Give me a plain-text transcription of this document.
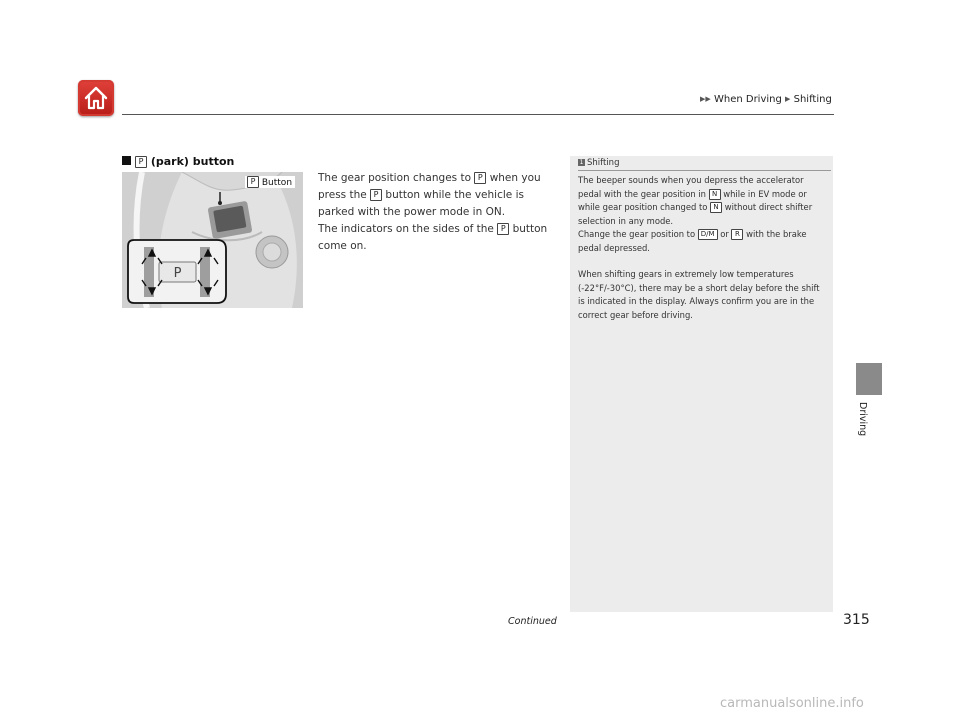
▶▶ When Driving ▶ Shifting
Driving
P (park) button
P
P Button The gear position changes to P when you press the P button while the vehicle is parked with the power mode in ON.

The indicators on the sides of the P button come on.

1 Shifting

The beeper sounds when you depress the accelerator pedal with the gear position in N while in EV mode or while gear position changed to N without direct shifter selection in any mode.
Change the gear position to D/M or R with the brake pedal depressed.

When shifting gears in extremely low temperatures (-22°F/-30°C), there may be a short delay before the shift is indicated in the display. Always confirm you are in the correct gear before driving.

Continued	315
carmanualsonline.info
